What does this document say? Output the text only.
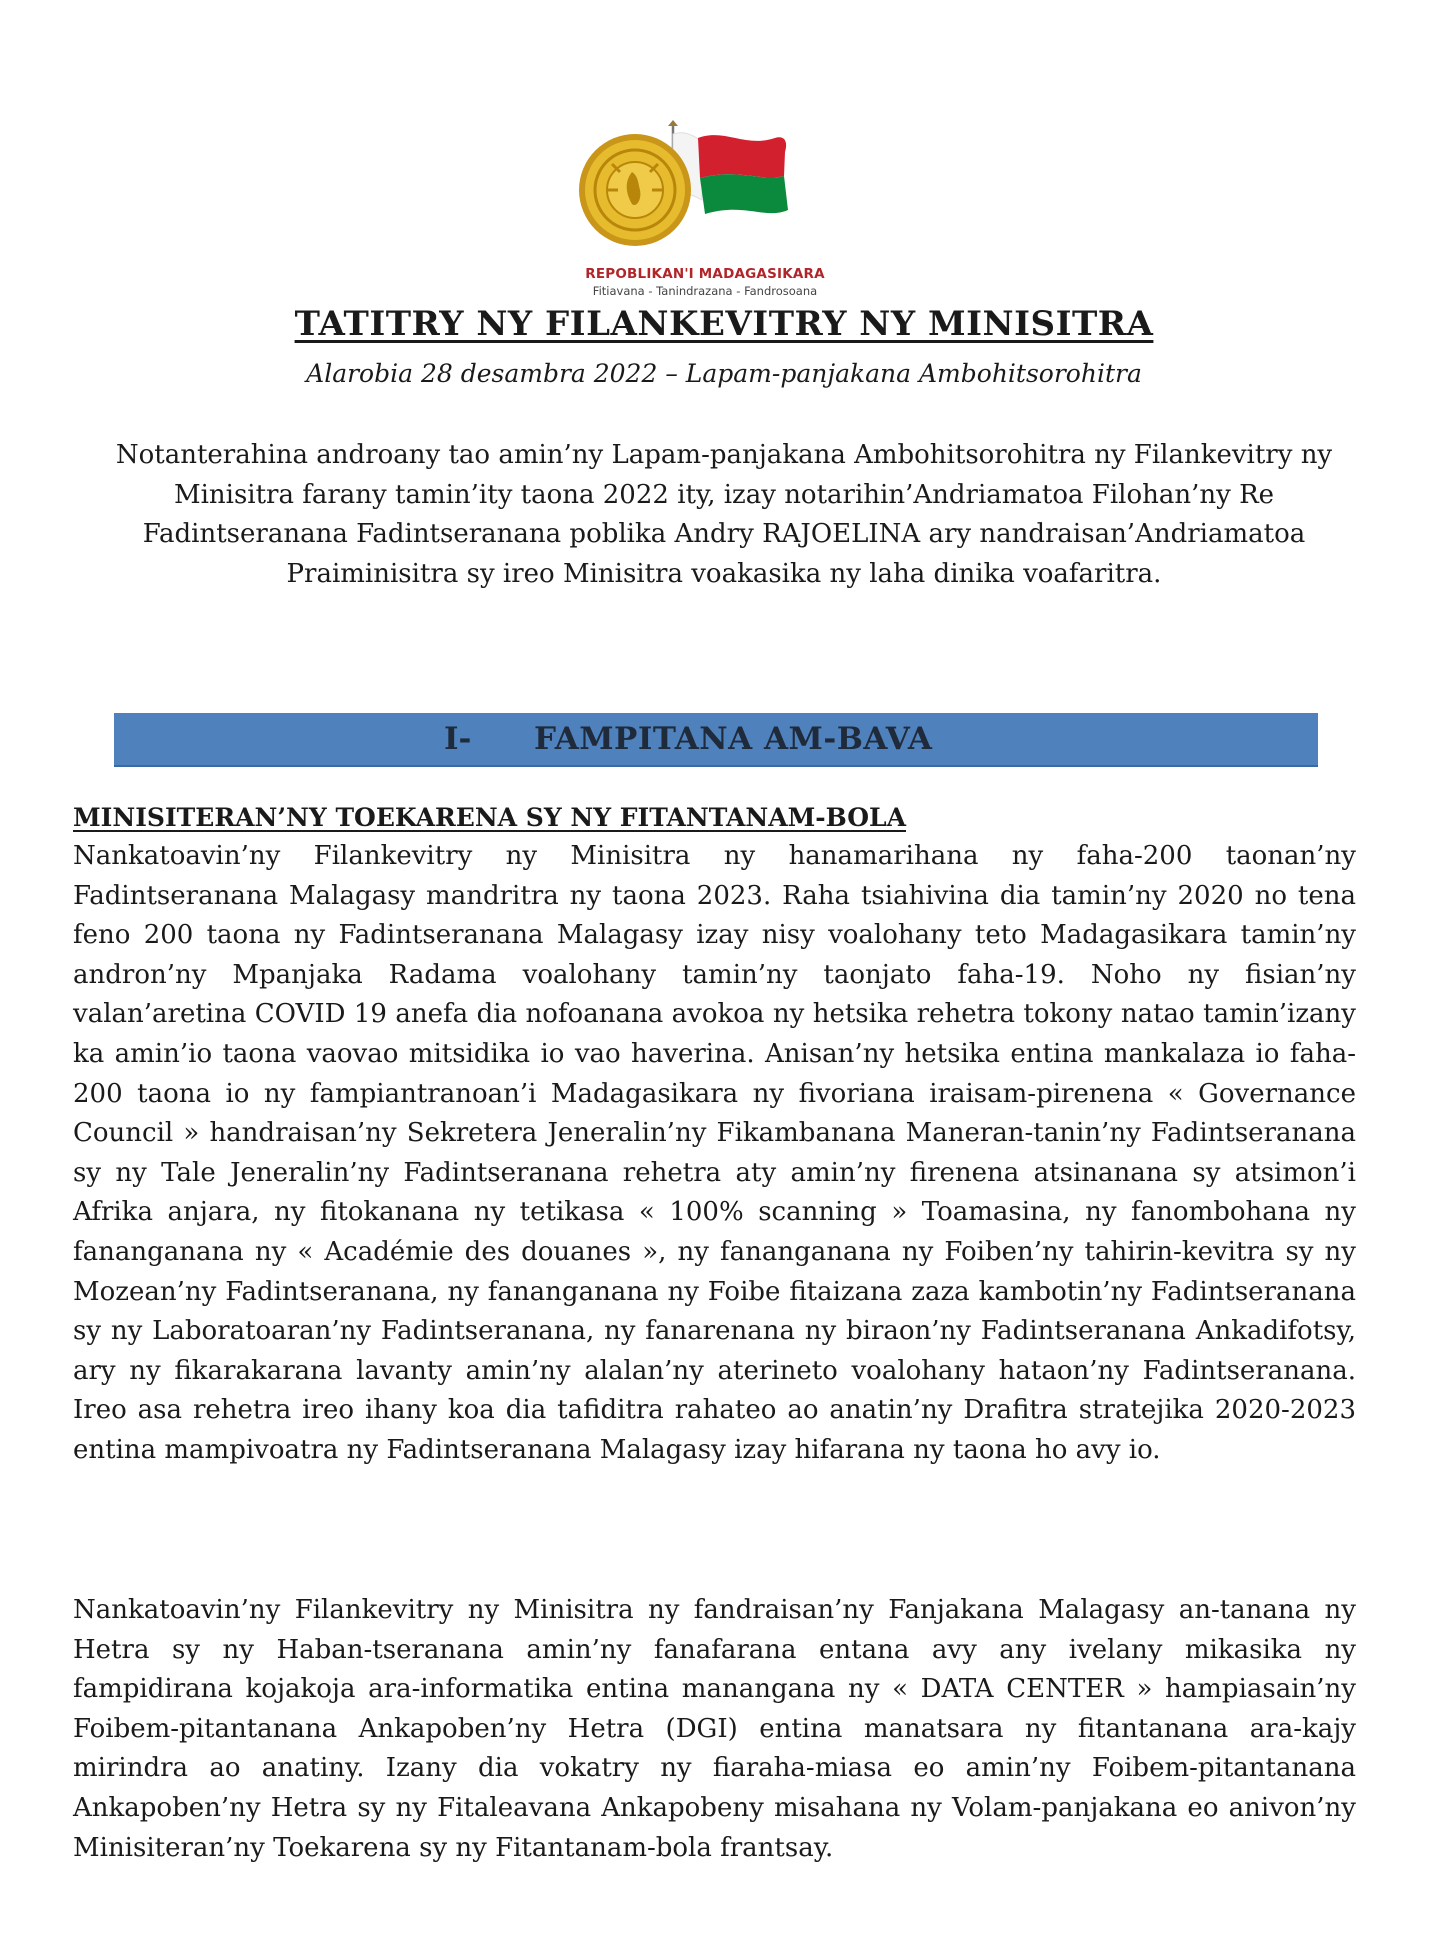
REPOBLIKAN'I MADAGASIKARA
Fitiavana - Tanindrazana - Fandrosoana
TATITRY NY FILANKEVITRY NY MINISITRA
Alarobia 28 desambra 2022 – Lapam-panjakana Ambohitsorohitra

Notanterahina androany tao amin’ny Lapam-panjakana Ambohitsorohitra ny Filankevitry ny Minisitra farany tamin’ity taona 2022 ity, izay notarihin’Andriamatoa Filohan’ny Re Fadintseranana Fadintseranana poblika Andry RAJOELINA ary nandraisan’Andriamatoa Praiminisitra sy ireo Minisitra voakasika ny laha dinika voafaritra.

I- FAMPITANA AM-BAVA
MINISITERAN’NY TOEKARENA SY NY FITANTANAM-BOLA

Nankatoavin’ny Filankevitry ny Minisitra ny hanamarihana ny faha-200 taonan’ny Fadintseranana Malagasy mandritra ny taona 2023. Raha tsiahivina dia tamin’ny 2020 no tena feno 200 taona ny Fadintseranana Malagasy izay nisy voalohany teto Madagasikara tamin’ny andron’ny Mpanjaka Radama voalohany tamin’ny taonjato faha-19. Noho ny fisian’ny valan’aretina COVID 19 anefa dia nofoanana avokoa ny hetsika rehetra tokony natao tamin’izany ka amin’io taona vaovao mitsidika io vao haverina. Anisan’ny hetsika entina mankalaza io faha-200 taona io ny fampiantranoan’i Madagasikara ny fivoriana iraisam-pirenena « Governance Council » handraisan’ny Sekretera Jeneralin’ny Fikambanana Maneran-tanin’ny Fadintseranana sy ny Tale Jeneralin’ny Fadintseranana rehetra aty amin’ny firenena atsinanana sy atsimon’i Afrika anjara, ny fitokanana ny tetikasa « 100% scanning » Toamasina, ny fanombohana ny fananganana ny « Académie des douanes », ny fananganana ny Foiben’ny tahirin-kevitra sy ny Mozean’ny Fadintseranana, ny fananganana ny Foibe fitaizana zaza kambotin’ny Fadintseranana sy ny Laboratoaran’ny Fadintseranana, ny fanarenana ny biraon’ny Fadintseranana Ankadifotsy, ary ny fikarakarana lavanty amin’ny alalan’ny aterineto voalohany hataon’ny Fadintseranana. Ireo asa rehetra ireo ihany koa dia tafiditra rahateo ao anatin’ny Drafitra stratejika 2020-2023 entina mampivoatra ny Fadintseranana Malagasy izay hifarana ny taona ho avy io.

Nankatoavin’ny Filankevitry ny Minisitra ny fandraisan’ny Fanjakana Malagasy an-tanana ny Hetra sy ny Haban-tseranana amin’ny fanafarana entana avy any ivelany mikasika ny fampidirana kojakoja ara-informatika entina manangana ny « DATA CENTER » hampiasain’ny Foibem-pitantanana Ankapoben’ny Hetra (DGI) entina manatsara ny fitantanana ara-kajy mirindra ao anatiny. Izany dia vokatry ny fiaraha-miasa eo amin’ny Foibem-pitantanana Ankapoben’ny Hetra sy ny Fitaleavana Ankapobeny misahana ny Volam-panjakana eo anivon’ny Minisiteran’ny Toekarena sy ny Fitantanam-bola frantsay.
